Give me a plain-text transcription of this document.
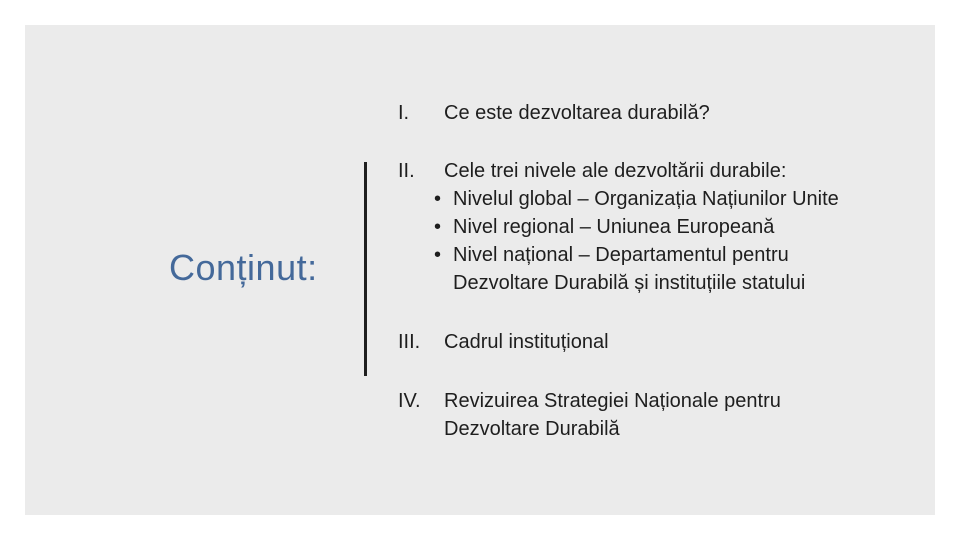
Conținut:
I. Ce este dezvoltarea durabilă?
II. Cele trei nivele ale dezvoltării durabile:
• Nivelul global – Organizația Națiunilor Unite
• Nivel regional – Uniunea Europeană
• Nivel național – Departamentul pentru
Dezvoltare Durabilă și instituțiile statului
III. Cadrul instituțional
IV. Revizuirea Strategiei Naționale pentru
Dezvoltare Durabilă
